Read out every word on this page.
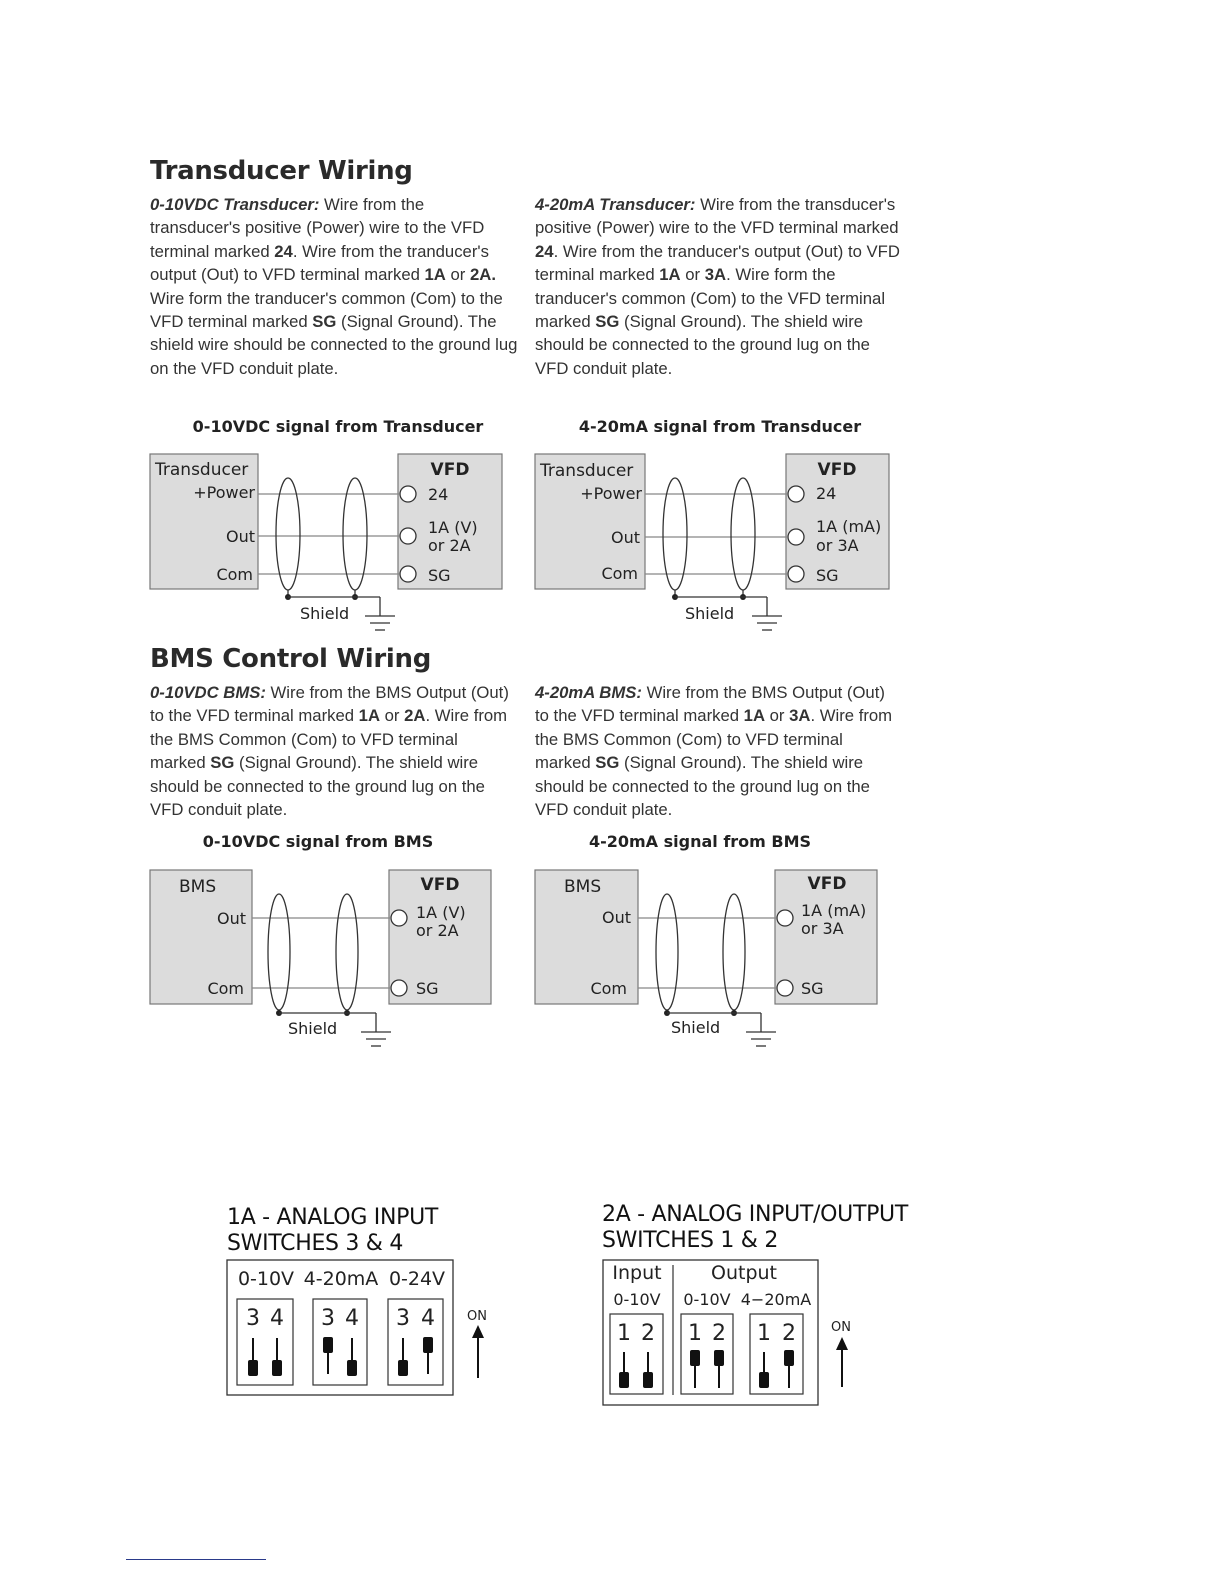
Transducer Wiring
0-10VDC Transducer: Wire from the transducer's positive (Power) wire to the VFD terminal marked 24. Wire from the tranducer's output (Out) to VFD terminal marked 1A or 2A. Wire form the tranducer's common (Com) to the VFD terminal marked SG (Signal Ground). The shield wire should be connected to the ground lug on the VFD conduit plate.
4-20mA Transducer: Wire from the transducer's positive (Power) wire to the VFD terminal marked 24. Wire from the tranducer's output (Out) to VFD terminal marked 1A or 3A. Wire form the tranducer's common (Com) to the VFD terminal marked SG (Signal Ground). The shield wire should be connected to the ground lug on the VFD conduit plate.
0-10VDC signal from Transducer	4-20mA signal from Transducer
Transducer
+Power
Out
Com
VFD
24
1A (V)
or 2A
SG
Shield
Transducer
+Power
Out
Com
VFD
24
1A (mA)
or 3A
SG
Shield
BMS Control Wiring
0-10VDC BMS: Wire from the BMS Output (Out) to the VFD terminal marked 1A or 2A. Wire from the BMS Common (Com) to VFD terminal marked SG (Signal Ground). The shield wire should be connected to the ground lug on the VFD conduit plate.
4-20mA BMS: Wire from the BMS Output (Out) to the VFD terminal marked 1A or 3A. Wire from the BMS Common (Com) to VFD terminal marked SG (Signal Ground). The shield wire should be connected to the ground lug on the VFD conduit plate.
0-10VDC signal from BMS	4-20mA signal from BMS
BMS
Out
Com
VFD
1A (V)
or 2A
SG
Shield
BMS
Out
Com
VFD
1A (mA)
or 3A
SG
Shield
1A - ANALOG INPUT
SWITCHES 3 & 4
0-10V 4-20mA 0-24V
3 4 3 4 3 4 ON
2A - ANALOG INPUT/OUTPUT
SWITCHES 1 & 2
Input	Output
0-10V 0-10V 4−20mA
1 2 1 2 1 2	ON
